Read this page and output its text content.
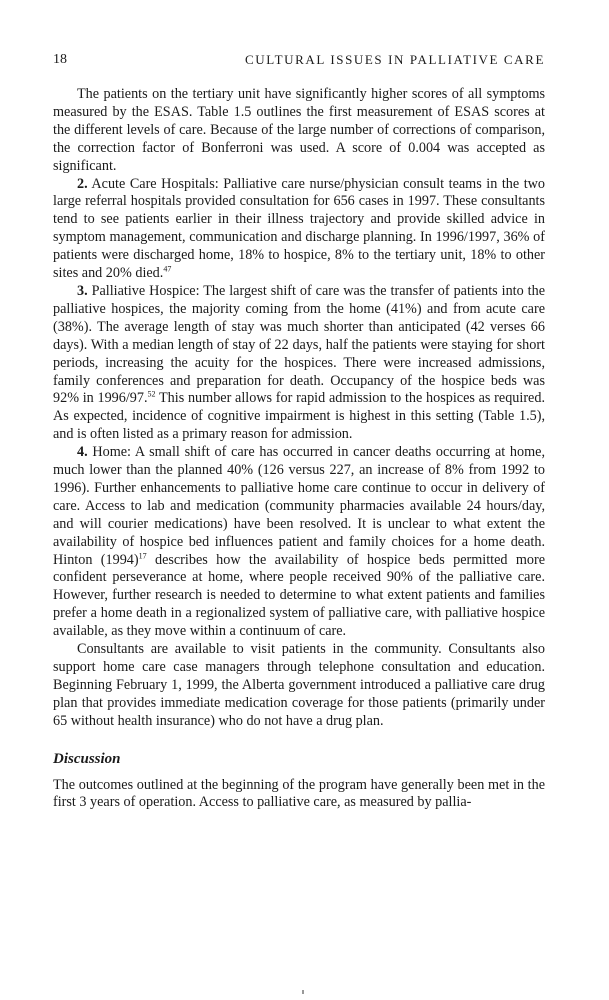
18	CULTURAL ISSUES IN PALLIATIVE CARE

The patients on the tertiary unit have significantly higher scores of all symptoms measured by the ESAS. Table 1.5 outlines the first measurement of ESAS scores at the different levels of care. Because of the large number of corrections of comparison, the correction factor of Bonferroni was used. A score of 0.004 was accepted as significant.

2. Acute Care Hospitals: Palliative care nurse/physician consult teams in the two large referral hospitals provided consultation for 656 cases in 1997. These consultants tend to see patients earlier in their illness trajectory and provide skilled advice in symptom management, communication and discharge planning. In 1996/1997, 36% of patients were discharged home, 18% to hospice, 8% to the tertiary unit, 18% to other sites and 20% died.$^{47}$

3. Palliative Hospice: The largest shift of care was the transfer of patients into the palliative hospices, the majority coming from the home (41%) and from acute care (38%). The average length of stay was much shorter than anticipated (42 verses 66 days). With a median length of stay of 22 days, half the patients were staying for short periods, increasing the acuity for the hospices. There were increased admissions, family conferences and preparation for death. Occupancy of the hospice beds was 92% in 1996/97.52 This number allows for rapid admission to the hospices as required. As expected, incidence of cognitive impairment is highest in this setting (Table 1.5), and is often listed as a primary reason for admission.

4. Home: A small shift of care has occurred in cancer deaths occurring at home, much lower than the planned 40% (126 versus 227, an increase of 8% from 1992 to 1996). Further enhancements to palliative home care continue to occur in delivery of care. Access to lab and medication (community pharmacies available 24 hours/day, and will courier medications) have been resolved. It is unclear to what extent the availability of hospice bed influences patient and family choices for a home death. Hinton $(1994)^{17}$ describes how the availability of hospice beds permitted more confident perseverance at home, where people received 90% of the palliative care. However, further research is needed to determine to what extent patients and families prefer a home death in a regionalized system of palliative care, with palliative hospice available, as they move within a continuum of care.

Consultants are available to visit patients in the community. Consultants also support home care case managers through telephone consultation and education. Beginning February 1, 1999, the Alberta government introduced a palliative care drug plan that provides immediate medication coverage for those patients (primarily under 65 without health insurance) who do not have a drug plan.

Discussion

The outcomes outlined at the beginning of the program have generally been met in the first 3 years of operation. Access to palliative care, as measured by pallia-
